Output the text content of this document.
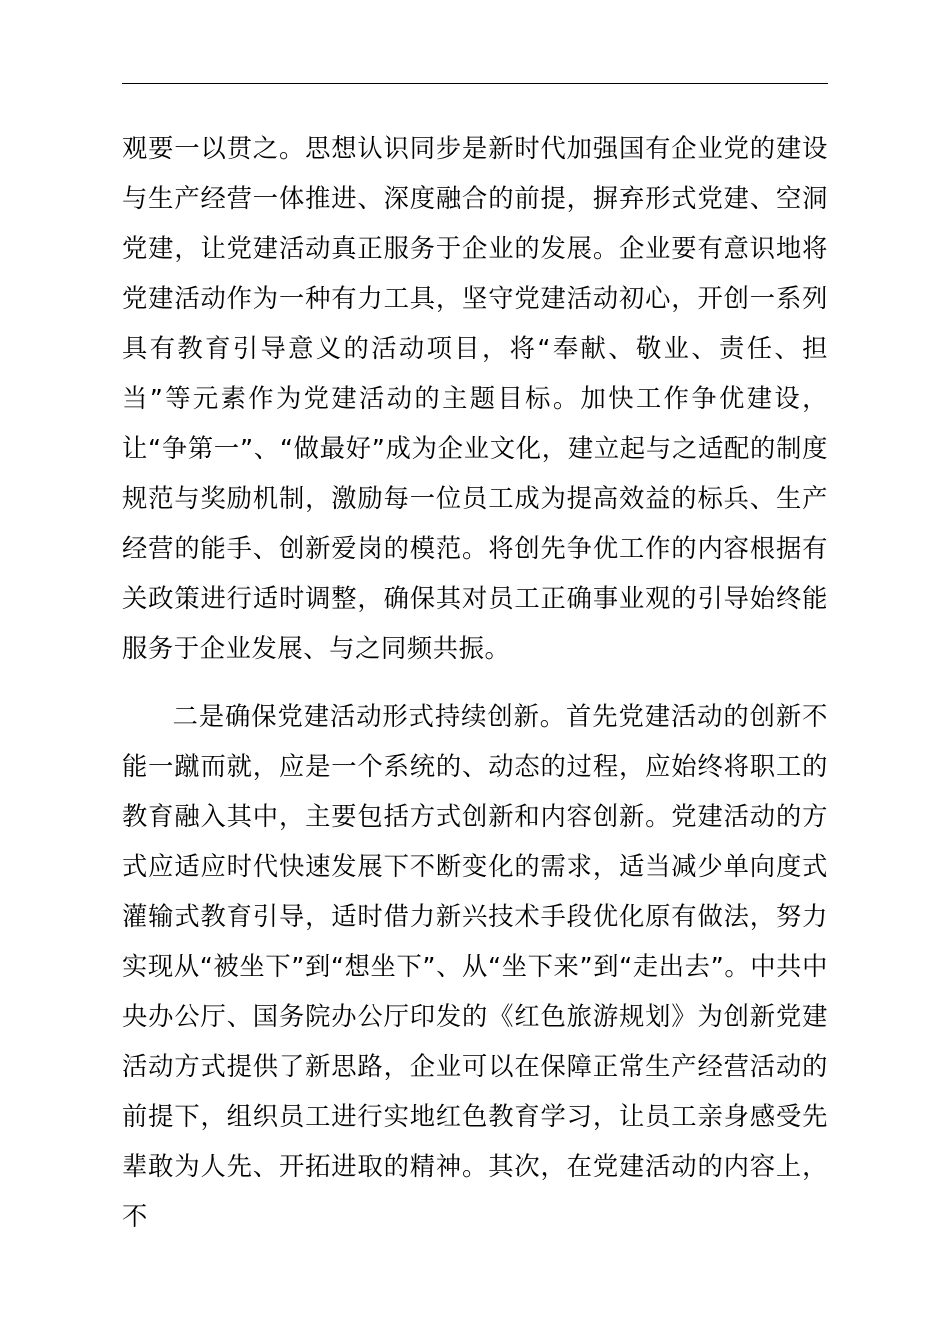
观要一以贯之。思想认识同步是新时代加强国有企业党的建设与生产经营一体推进、深度融合的前提，摒弃形式党建、空洞党建，让党建活动真正服务于企业的发展。企业要有意识地将党建活动作为一种有力工具，坚守党建活动初心，开创一系列具有教育引导意义的活动项目，将“奉献、敬业、责任、担当”等元素作为党建活动的主题目标。加快工作争优建设，让“争第一”、“做最好”成为企业文化，建立起与之适配的制度规范与奖励机制，激励每一位员工成为提高效益的标兵、生产经营的能手、创新爱岗的模范。将创先争优工作的内容根据有关政策进行适时调整，确保其对员工正确事业观的引导始终能服务于企业发展、与之同频共振。

二是确保党建活动形式持续创新。首先党建活动的创新不能一蹴而就，应是一个系统的、动态的过程，应始终将职工的教育融入其中，主要包括方式创新和内容创新。党建活动的方式应适应时代快速发展下不断变化的需求，适当减少单向度式灌输式教育引导，适时借力新兴技术手段优化原有做法，努力实现从“被坐下”到“想坐下”、从“坐下来”到“走出去”。中共中央办公厅、国务院办公厅印发的《红色旅游规划》为创新党建活动方式提供了新思路，企业可以在保障正常生产经营活动的前提下，组织员工进行实地红色教育学习，让员工亲身感受先辈敢为人先、开拓进取的精神。其次，在党建活动的内容上，不
